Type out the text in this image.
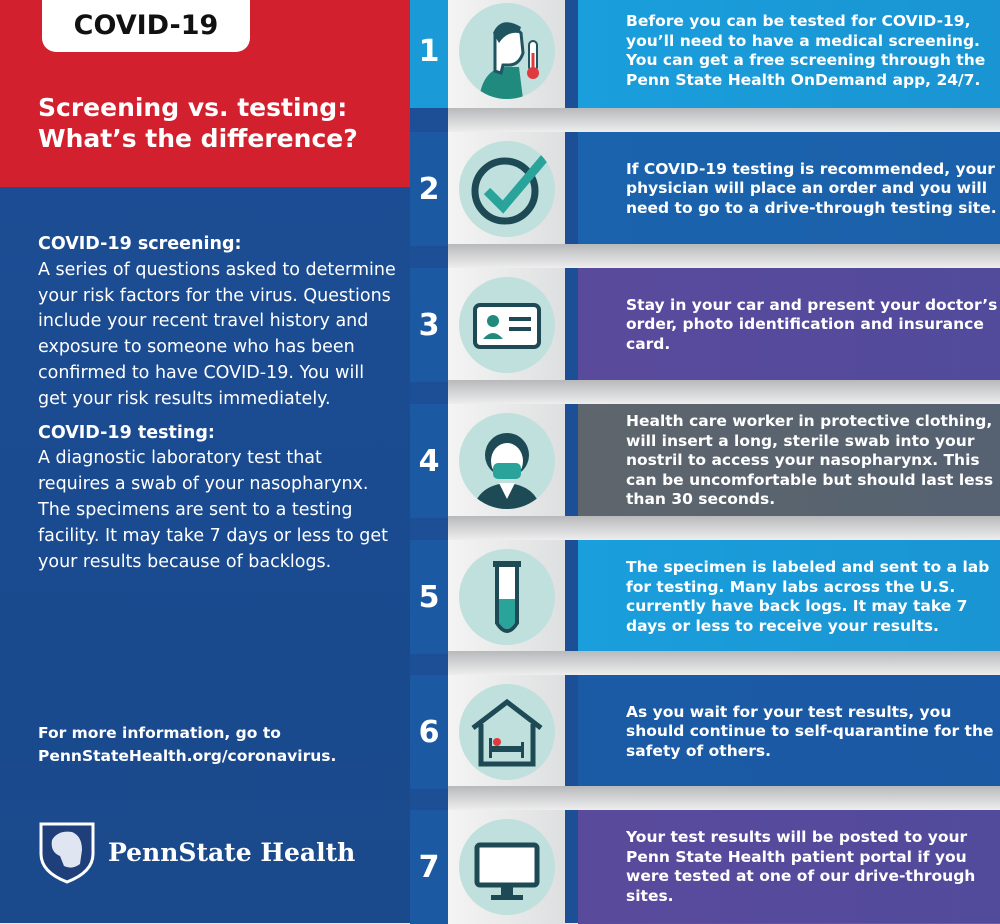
COVID-19
Screening vs. testing:
What’s the difference?
COVID-19 screening:

A series of questions asked to determine your risk factors for the virus. Questions include your recent travel history and exposure to someone who has been confirmed to have COVID-19. You will get your risk results immediately.

COVID-19 testing:

A diagnostic laboratory test that requires a swab of your nasopharynx. The specimens are sent to a testing facility. It may take 7 days or less to get your results because of backlogs.

For more information, go to
PennStateHealth.org/coronavirus.
PennState Health
1
Before you can be tested for COVID-19, you’ll need to have a medical screening. You can get a free screening through the Penn State Health OnDemand app, 24/7.
2
If COVID-19 testing is recommended, your physician will place an order and you will need to go to a drive-through testing site.
3
Stay in your car and present your doctor’s order, photo identification and insurance card.
4
Health care worker in protective clothing, will insert a long, sterile swab into your nostril to access your nasopharynx. This can be uncomfortable but should last less than 30 seconds.
5
The specimen is labeled and sent to a lab for testing. Many labs across the U.S. currently have back logs. It may take 7 days or less to receive your results.
6
As you wait for your test results, you should continue to self-quarantine for the safety of others.
7
Your test results will be posted to your Penn State Health patient portal if you were tested at one of our drive-through sites.
